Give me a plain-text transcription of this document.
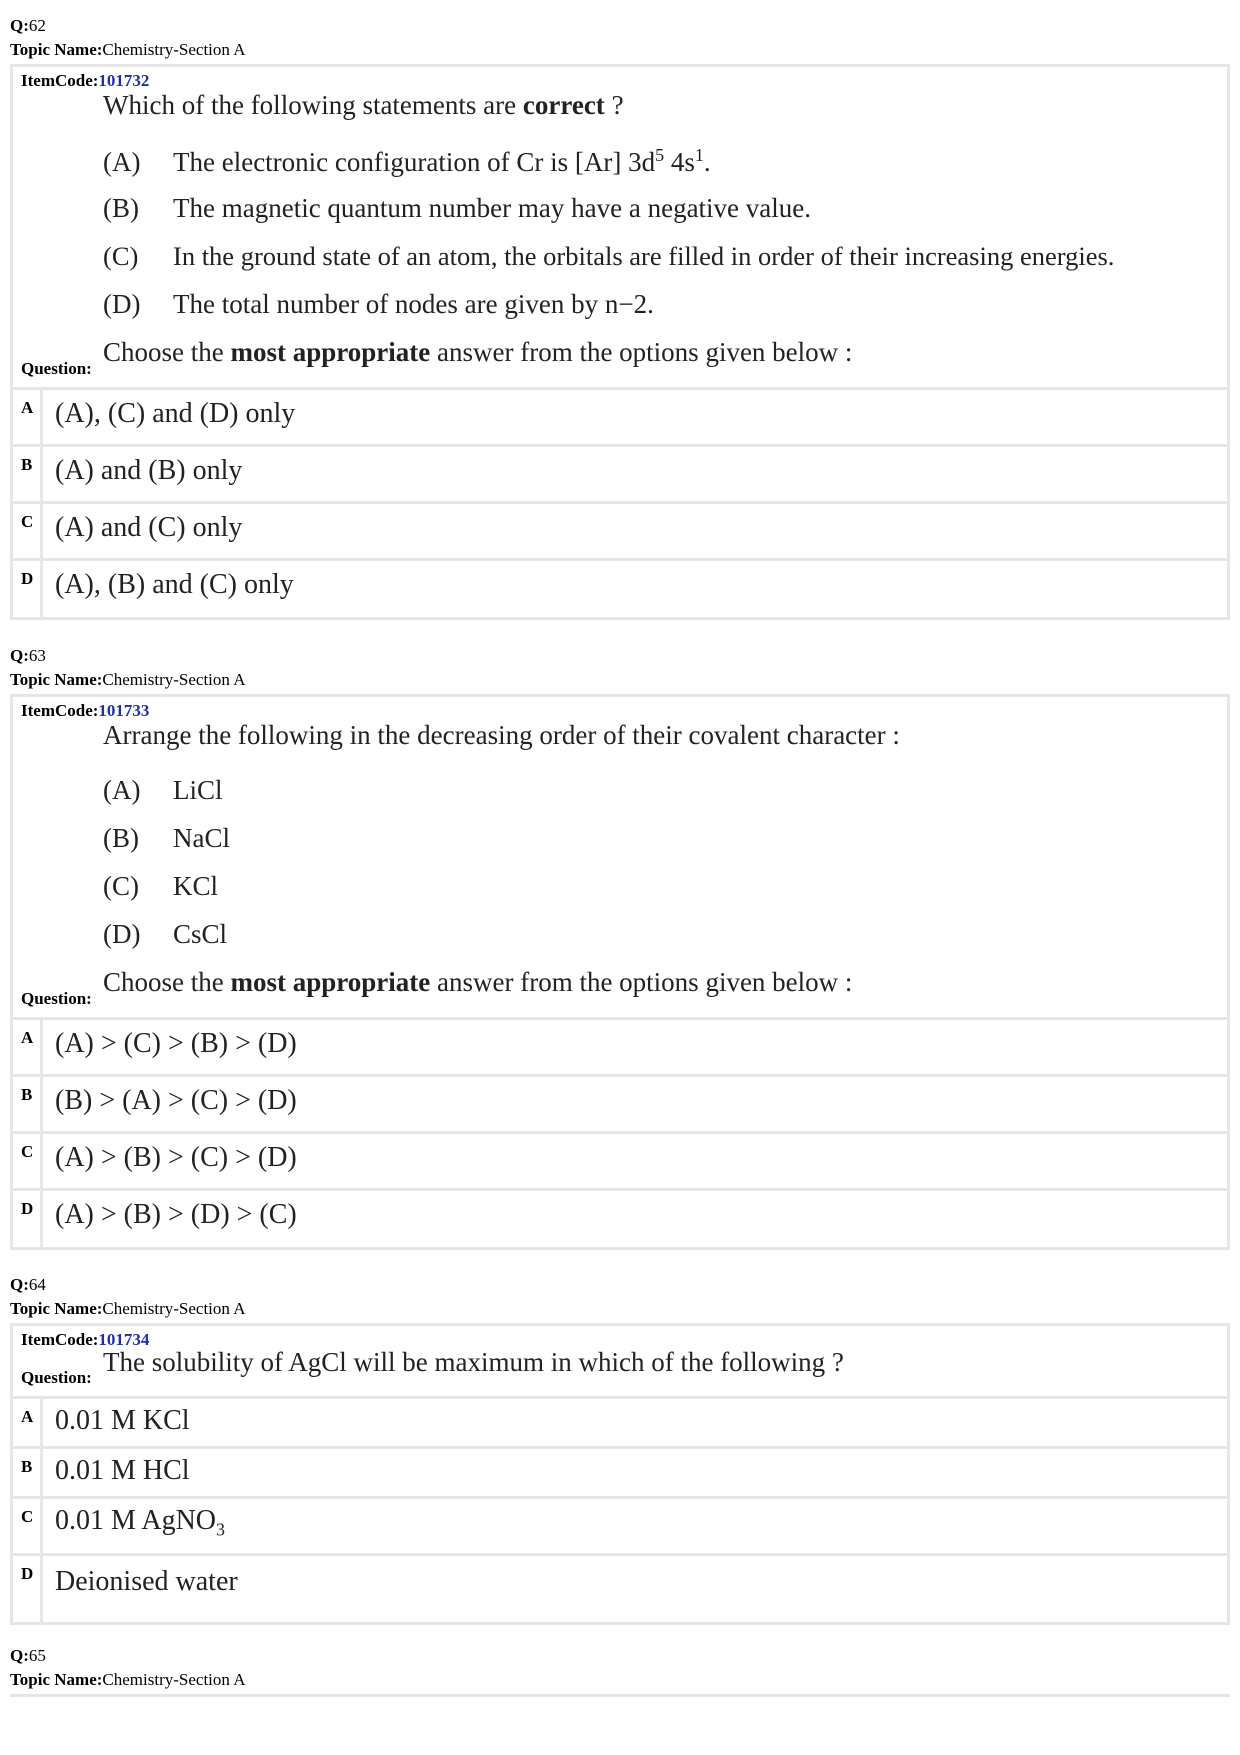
Q:62
Topic Name:Chemistry-Section A
ItemCode:101732
Which of the following statements are correct ?
(A) The electronic configuration of Cr is [Ar] $3d^5$ $4s^1$.
(B) The magnetic quantum number may have a negative value.
(C) In the ground state of an atom, the orbitals are filled in order of their increasing energies.
(D) The total number of nodes are given by n−2.
Choose the most appropriate answer from the options given below :
Question:
A (A), (C) and (D) only
B (A) and (B) only
C (A) and (C) only
D (A), (B) and (C) only
Q:63
Topic Name:Chemistry-Section A
ItemCode:101733
Arrange the following in the decreasing order of their covalent character :
(A) LiCl
(B) NaCl
(C) KCl
(D) CsCl
Choose the most appropriate answer from the options given below :
Question:
A (A) > (C) > (B) > (D)
B (B) > (A) > (C) > (D)
C (A) > (B) > (C) > (D)
D (A) > (B) > (D) > (C)
Q:64
Topic Name:Chemistry-Section A
ItemCode:101734
The solubility of AgCl will be maximum in which of the following ?
Question:
A 0.01 M KCl
B 0.01 M HCl
C 0.01 M AgNO$_3$
D Deionised water
Q:65
Topic Name:Chemistry-Section A
